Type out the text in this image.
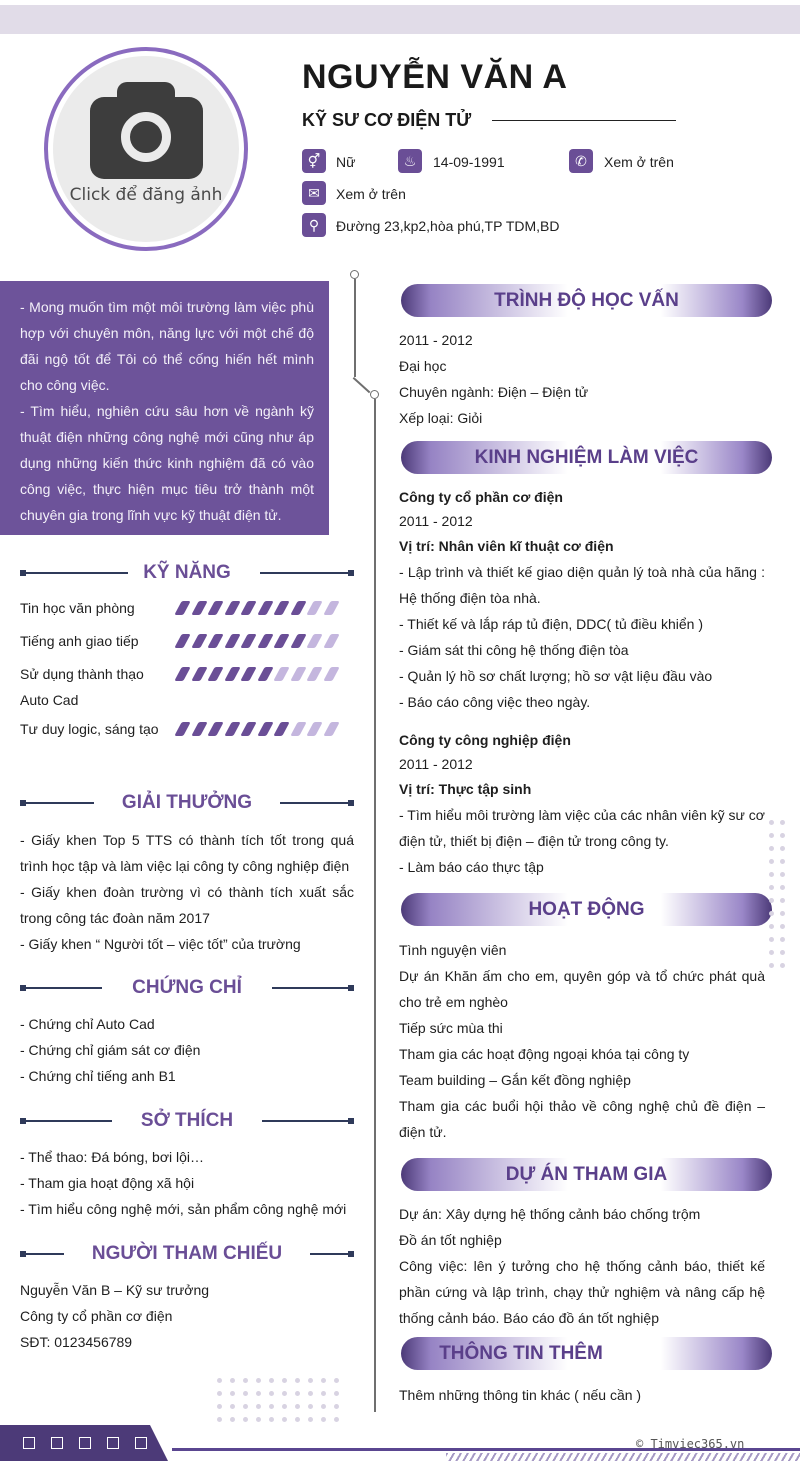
Click để đăng ảnh
NGUYỄN VĂN A
KỸ SƯ CƠ ĐIỆN TỬ
⚥	Nữ	♨	14-09-1991	✆	Xem ở trên
✉	Xem ở trên
⚲	Đường 23,kp2,hòa phú,TP TDM,BD
- Mong muốn tìm một môi trường làm việc phù hợp với chuyên môn, năng lực với một chế độ đãi ngộ tốt để Tôi có thể cống hiến hết mình cho công việc.
- Tìm hiểu, nghiên cứu sâu hơn về ngành kỹ thuật điện những công nghệ mới cũng như áp dụng những kiến thức kinh nghiệm đã có vào công việc, thực hiện mục tiêu trở thành một chuyên gia trong lĩnh vực kỹ thuật điện tử.
KỸ NĂNG
Tin học văn phòng
Tiếng anh giao tiếp
Sử dụng thành thạo Auto Cad
Tư duy logic, sáng tạo
GIẢI THƯỞNG
- Giấy khen Top 5 TTS có thành tích tốt trong quá trình học tập và làm việc lại công ty công nghiệp điện
- Giấy khen đoàn trường vì có thành tích xuất sắc trong công tác đoàn năm 2017
- Giấy khen “ Người tốt – việc tốt” của trường
CHỨNG CHỈ
- Chứng chỉ Auto Cad
- Chứng chỉ giám sát cơ điện
- Chứng chỉ tiếng anh B1
SỞ THÍCH
- Thể thao: Đá bóng, bơi lội…
- Tham gia hoạt động xã hội
- Tìm hiểu công nghệ mới, sản phẩm công nghệ mới
NGƯỜI THAM CHIẾU
Nguyễn Văn B – Kỹ sư trưởng
Công ty cổ phần cơ điện
SĐT: 0123456789
TRÌNH ĐỘ HỌC VẤN
2011 - 2012
Đại học
Chuyên ngành: Điện – Điện tử
Xếp loại: Giỏi
KINH NGHIỆM LÀM VIỆC
Công ty cổ phần cơ điện
2011 - 2012
Vị trí: Nhân viên kĩ thuật cơ điện
- Lập trình và thiết kế giao diện quản lý toà nhà của hãng : Hệ thống điện tòa nhà.
- Thiết kế và lắp ráp tủ điện, DDC( tủ điều khiển )
- Giám sát thi công hệ thống điện tòa
- Quản lý hồ sơ chất lượng; hồ sơ vật liệu đầu vào
- Báo cáo công việc theo ngày.
Công ty công nghiệp điện
2011 - 2012
Vị trí: Thực tập sinh
- Tìm hiểu môi trường làm việc của các nhân viên kỹ sư cơ điện tử, thiết bị điện – điện tử trong công ty.
- Làm báo cáo thực tập
HOẠT ĐỘNG
Tình nguyện viên
Dự án Khăn ấm cho em, quyên góp và tổ chức phát quà cho trẻ em nghèo
Tiếp sức mùa thi
Tham gia các hoạt động ngoại khóa tại công ty
Team building – Gắn kết đồng nghiệp
Tham gia các buổi hội thảo về công nghệ chủ đề điện – điện tử.
DỰ ÁN THAM GIA
Dự án: Xây dựng hệ thống cảnh báo chống trộm
Đồ án tốt nghiệp
Công việc: lên ý tưởng cho hệ thống cảnh báo, thiết kế phần cứng và lập trình, chạy thử nghiệm và nâng cấp hệ thống cảnh báo. Báo cáo đồ án tốt nghiệp
THÔNG TIN THÊM
Thêm những thông tin khác ( nếu cần )
© Timviec365.vn
